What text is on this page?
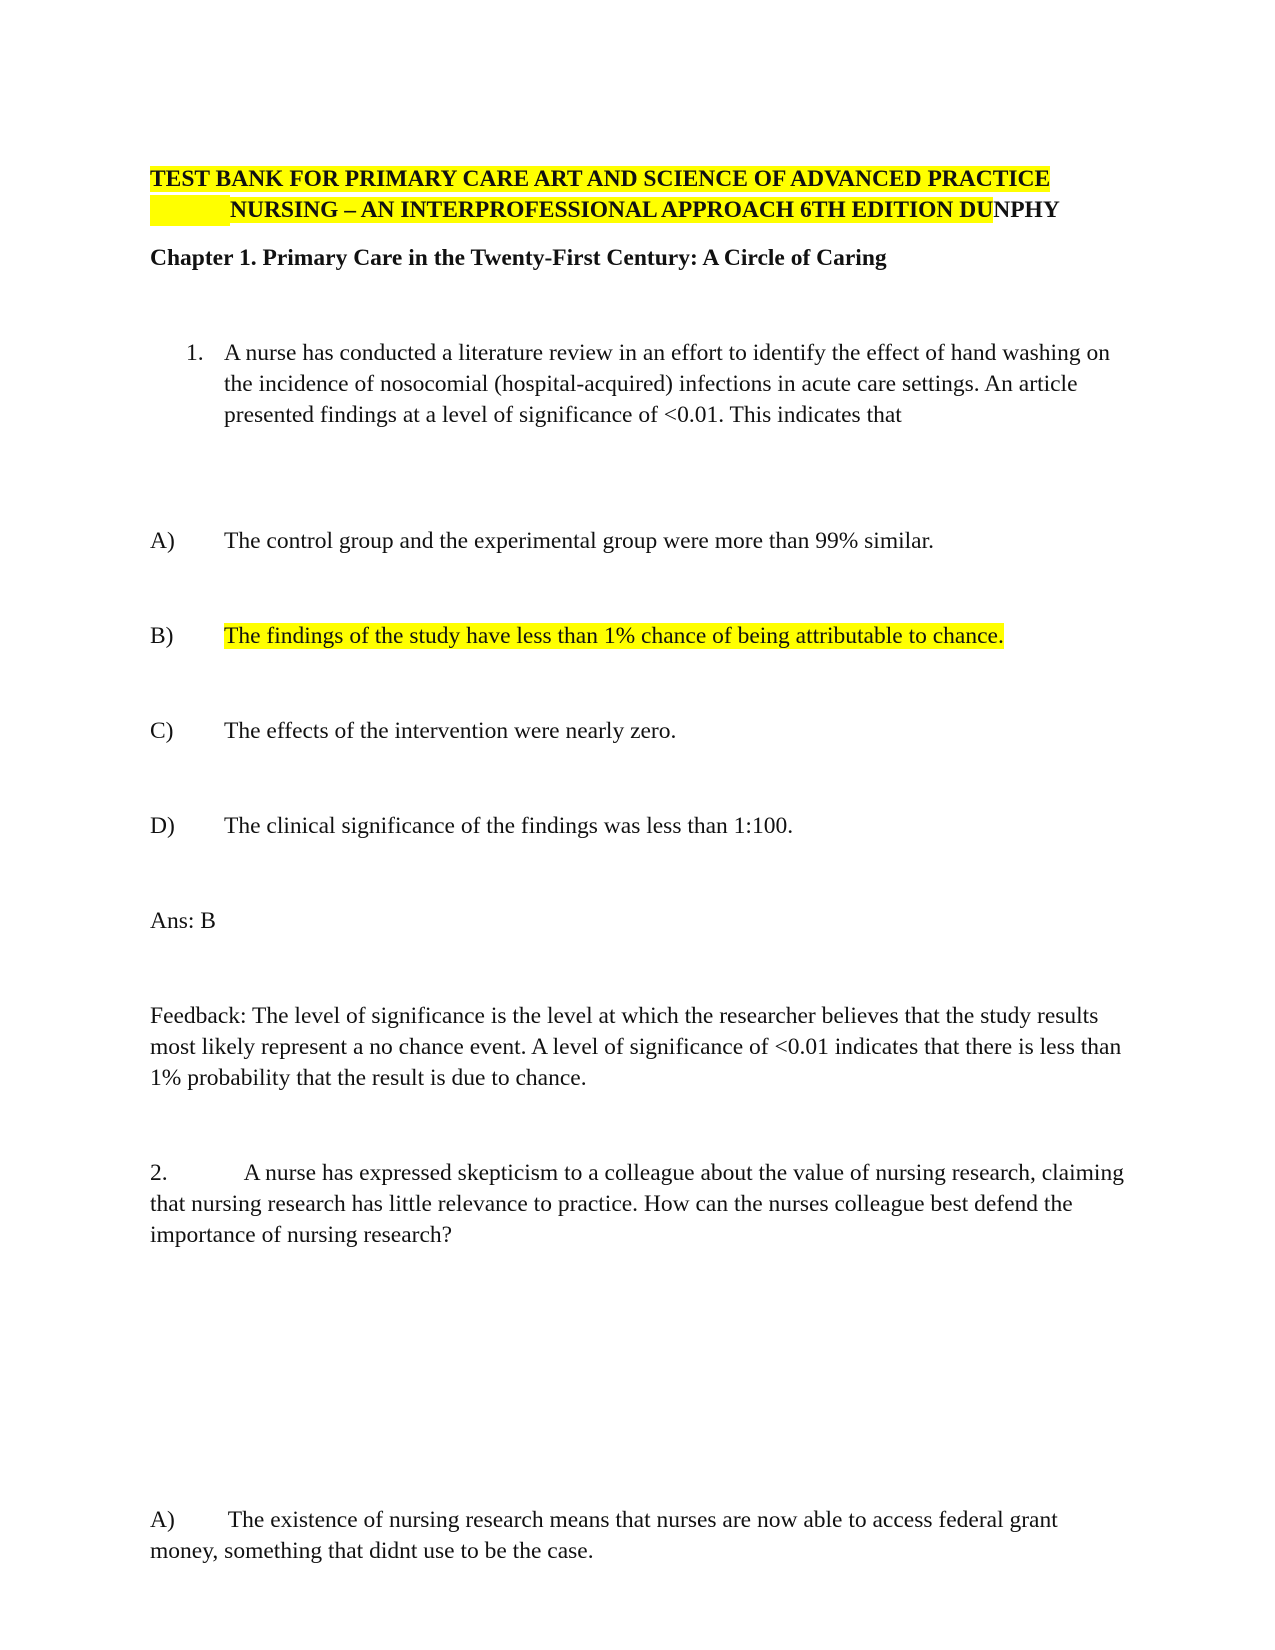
TEST BANK FOR PRIMARY CARE ART AND SCIENCE OF ADVANCED PRACTICE
NURSING – AN INTERPROFESSIONAL APPROACH 6TH EDITION DUNPHY
Chapter 1. Primary Care in the Twenty-First Century: A Circle of Caring
1. A nurse has conducted a literature review in an effort to identify the effect of hand washing on the incidence of nosocomial (hospital-acquired) infections in acute care settings. An article presented findings at a level of significance of <0.01. This indicates that
A) The control group and the experimental group were more than 99% similar.
B) The findings of the study have less than 1% chance of being attributable to chance.
C) The effects of the intervention were nearly zero.
D) The clinical significance of the findings was less than 1:100.
Ans: B
Feedback: The level of significance is the level at which the researcher believes that the study results most likely represent a no chance event. A level of significance of <0.01 indicates that there is less than 1% probability that the result is due to chance.
2.	A nurse has expressed skepticism to a colleague about the value of nursing research, claiming that nursing research has little relevance to practice. How can the nurses colleague best defend the importance of nursing research?
A) The existence of nursing research means that nurses are now able to access federal grant money, something that didnt use to be the case.
